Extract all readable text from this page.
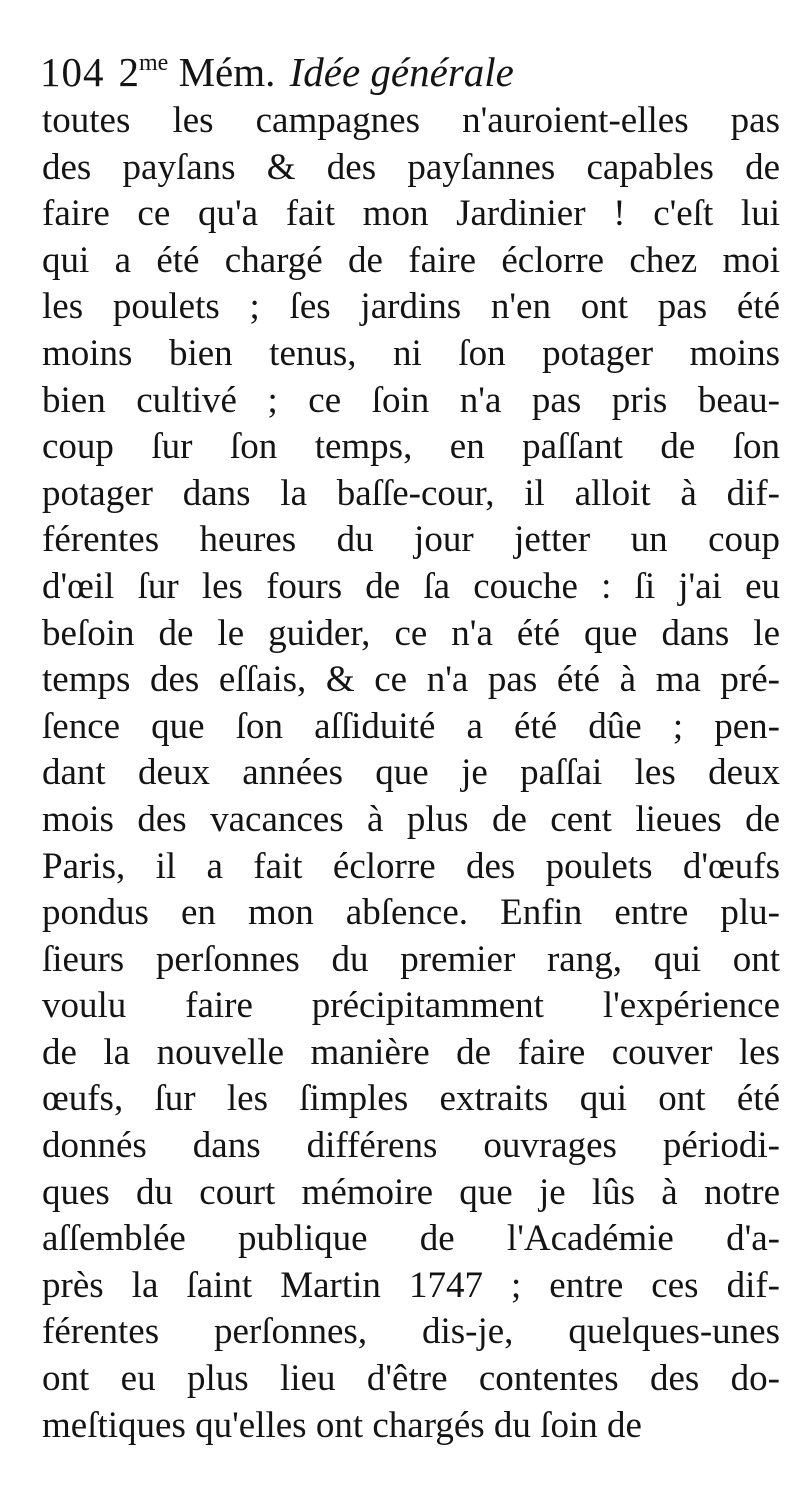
104 $2^{me}$ Mém. Idée générale
toutes les campagnes n'auroient-elles pas
des payſans & des payſannes capables de
faire ce qu'a fait mon Jardinier ! c'eſt lui
qui a été chargé de faire éclorre chez moi
les poulets ; ſes jardins n'en ont pas été
moins bien tenus, ni ſon potager moins
bien cultivé ; ce ſoin n'a pas pris beau-
coup ſur ſon temps, en paſſant de ſon
potager dans la baſſe-cour, il alloit à dif-
férentes heures du jour jetter un coup
d'œil ſur les fours de ſa couche : ſi j'ai eu
beſoin de le guider, ce n'a été que dans le
temps des eſſais, & ce n'a pas été à ma pré-
ſence que ſon aſſiduité a été dûe ; pen-
dant deux années que je paſſai les deux
mois des vacances à plus de cent lieues de
Paris, il a fait éclorre des poulets d'œufs
pondus en mon abſence. Enfin entre plu-
ſieurs perſonnes du premier rang, qui ont
voulu faire précipitamment l'expérience
de la nouvelle manière de faire couver les
œufs, ſur les ſimples extraits qui ont été
donnés dans différens ouvrages périodi-
ques du court mémoire que je lûs à notre
aſſemblée publique de l'Académie d'a-
près la ſaint Martin 1747 ; entre ces dif-
férentes perſonnes, dis-je, quelques-unes
ont eu plus lieu d'être contentes des do-
meſtiques qu'elles ont chargés du ſoin de
